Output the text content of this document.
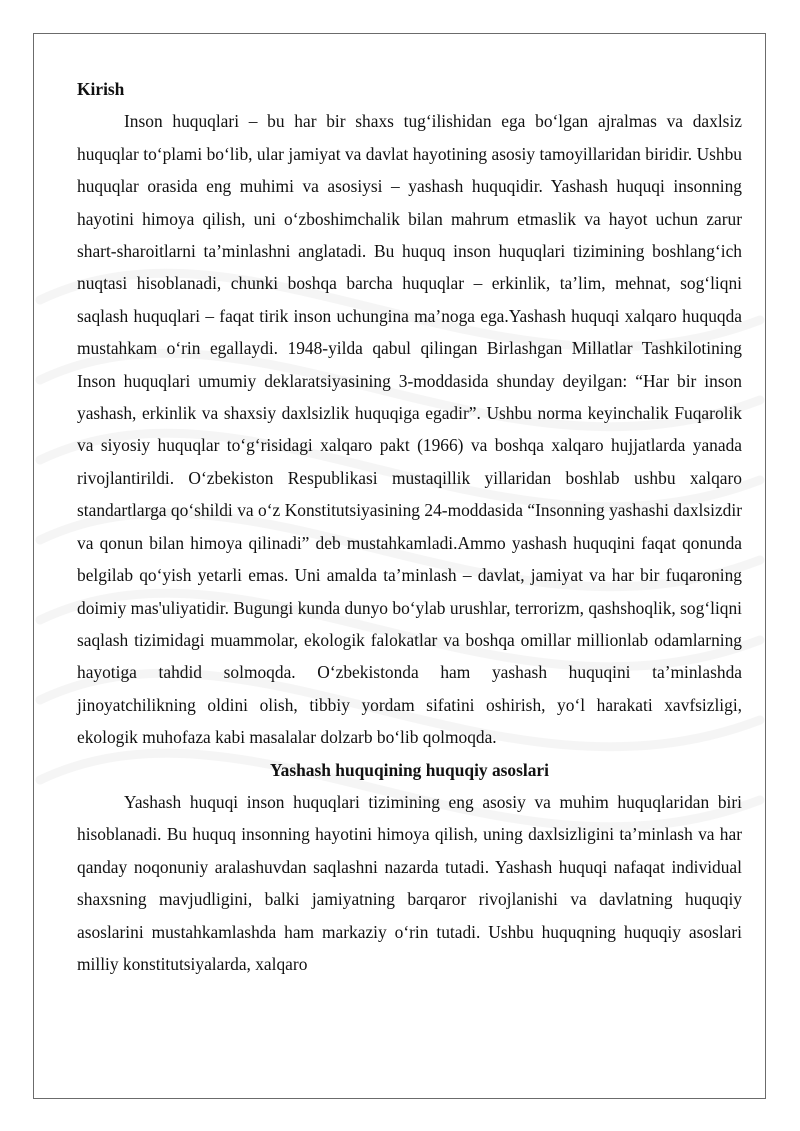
Kirish

Inson huquqlari – bu har bir shaxs tug‘ilishidan ega bo‘lgan ajralmas va daxlsiz huquqlar to‘plami bo‘lib, ular jamiyat va davlat hayotining asosiy tamoyillaridan biridir. Ushbu huquqlar orasida eng muhimi va asosiysi – yashash huquqidir. Yashash huquqi insonning hayotini himoya qilish, uni o‘zboshimchalik bilan mahrum etmaslik va hayot uchun zarur shart-sharoitlarni ta’minlashni anglatadi. Bu huquq inson huquqlari tizimining boshlang‘ich nuqtasi hisoblanadi, chunki boshqa barcha huquqlar – erkinlik, ta’lim, mehnat, sog‘liqni saqlash huquqlari – faqat tirik inson uchungina ma’noga ega.Yashash huquqi xalqaro huquqda mustahkam o‘rin egallaydi. 1948-yilda qabul qilingan Birlashgan Millatlar Tashkilotining Inson huquqlari umumiy deklaratsiyasining 3-moddasida shunday deyilgan: “Har bir inson yashash, erkinlik va shaxsiy daxlsizlik huquqiga egadir”. Ushbu norma keyinchalik Fuqarolik va siyosiy huquqlar to‘g‘risidagi xalqaro pakt (1966) va boshqa xalqaro hujjatlarda yanada rivojlantirildi. O‘zbekiston Respublikasi mustaqillik yillaridan boshlab ushbu xalqaro standartlarga qo‘shildi va o‘z Konstitutsiyasining 24-moddasida “Insonning yashashi daxlsizdir va qonun bilan himoya qilinadi” deb mustahkamladi.Ammo yashash huquqini faqat qonunda belgilab qo‘yish yetarli emas. Uni amalda ta’minlash – davlat, jamiyat va har bir fuqaroning doimiy mas'uliyatidir. Bugungi kunda dunyo bo‘ylab urushlar, terrorizm, qashshoqlik, sog‘liqni saqlash tizimidagi muammolar, ekologik falokatlar va boshqa omillar millionlab odamlarning hayotiga tahdid solmoqda. O‘zbekistonda ham yashash huquqini ta’minlashda jinoyatchilikning oldini olish, tibbiy yordam sifatini oshirish, yo‘l harakati xavfsizligi, ekologik muhofaza kabi masalalar dolzarb bo‘lib qolmoqda.

Yashash huquqining huquqiy asoslari

Yashash huquqi inson huquqlari tizimining eng asosiy va muhim huquqlaridan biri hisoblanadi. Bu huquq insonning hayotini himoya qilish, uning daxlsizligini ta’minlash va har qanday noqonuniy aralashuvdan saqlashni nazarda tutadi. Yashash huquqi nafaqat individual shaxsning mavjudligini, balki jamiyatning barqaror rivojlanishi va davlatning huquqiy asoslarini mustahkamlashda ham markaziy o‘rin tutadi. Ushbu huquqning huquqiy asoslari milliy konstitutsiyalarda, xalqaro
